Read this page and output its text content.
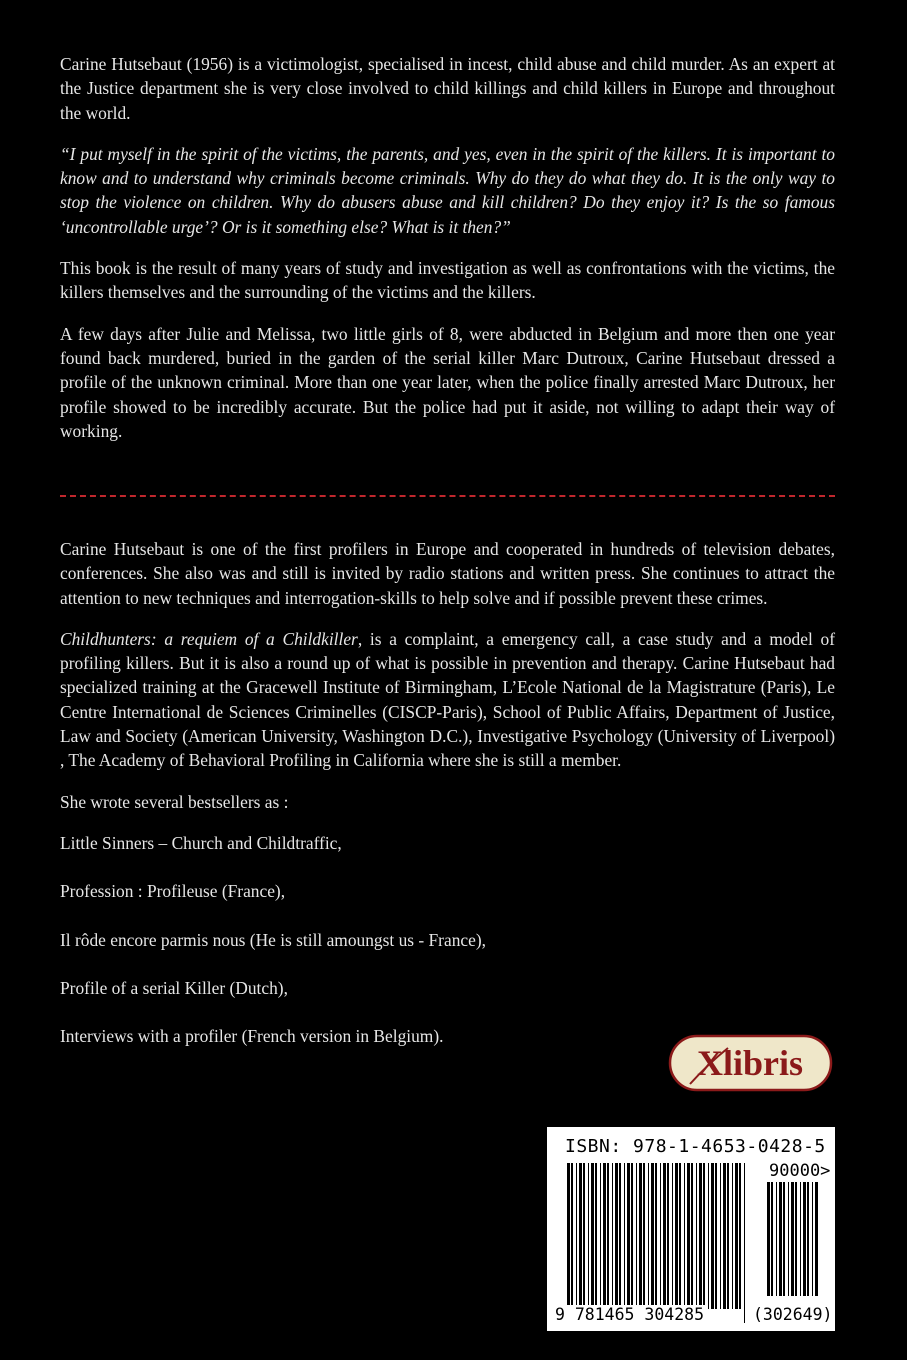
Carine Hutsebaut (1956) is a victimologist, specialised in incest, child abuse and child murder. As an expert at the Justice department she is very close involved to child killings and child killers in Europe and throughout the world.

“I put myself in the spirit of the victims, the parents, and yes, even in the spirit of the killers. It is important to know and to understand why criminals become criminals. Why do they do what they do. It is the only way to stop the violence on children. Why do abusers abuse and kill children? Do they enjoy it? Is the so famous ‘uncontrollable urge’? Or is it something else? What is it then?”

This book is the result of many years of study and investigation as well as confrontations with the victims, the killers themselves and the surrounding of the victims and the killers.

A few days after Julie and Melissa, two little girls of 8, were abducted in Belgium and more then one year found back murdered, buried in the garden of the serial killer Marc Dutroux, Carine Hutsebaut dressed a profile of the unknown criminal. More than one year later, when the police finally arrested Marc Dutroux, her profile showed to be incredibly accurate. But the police had put it aside, not willing to adapt their way of working.

Carine Hutsebaut is one of the first profilers in Europe and cooperated in hundreds of television debates, conferences. She also was and still is invited by radio stations and written press. She continues to attract the attention to new techniques and interrogation-skills to help solve and if possible prevent these crimes.

Childhunters: a requiem of a Childkiller, is a complaint, a emergency call, a case study and a model of profiling killers. But it is also a round up of what is possible in prevention and therapy. Carine Hutsebaut had specialized training at the Gracewell Institute of Birmingham, L’Ecole National de la Magistrature (Paris), Le Centre International de Sciences Criminelles (CISCP-Paris), School of Public Affairs, Department of Justice, Law and Society (American University, Washington D.C.), Investigative Psychology (University of Liverpool) , The Academy of Behavioral Profiling in California where she is still a member.

She wrote several bestsellers as :

Little Sinners – Church and Childtraffic,

Profession : Profileuse (France),

Il rôde encore parmis nous (He is still amoungst us - France),

Profile of a serial Killer (Dutch),

Interviews with a profiler (French version in Belgium).

Xlibris

ISBN: 978-1-4653-0428-5

90000>

9 781465 304285	(302649)
